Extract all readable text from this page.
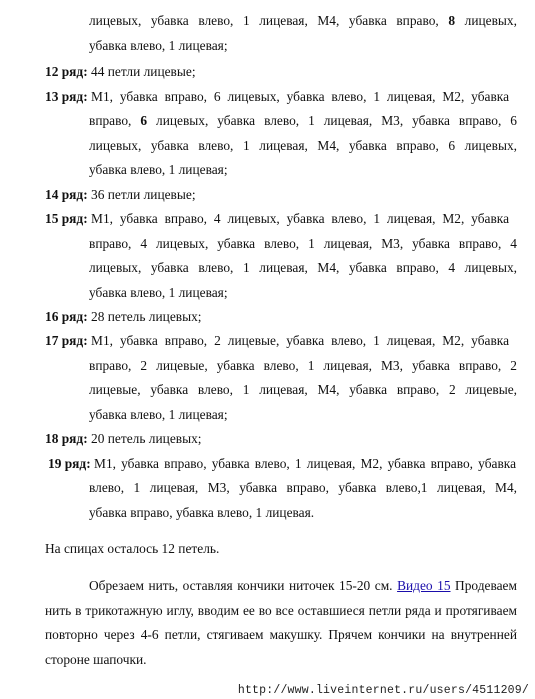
лицевых, убавка влево, 1 лицевая, М4, убавка вправо, 8 лицевых,
убавка влево, 1 лицевая;
12 ряд: 44 петли лицевые;
13 ряд: М1, убавка вправо, 6 лицевых, убавка влево, 1 лицевая, М2, убавка
вправо, 6 лицевых, убавка влево, 1 лицевая, М3, убавка вправо, 6
лицевых, убавка влево, 1 лицевая, М4, убавка вправо, 6 лицевых,
убавка влево, 1 лицевая;
14 ряд: 36 петли лицевые;
15 ряд: М1, убавка вправо, 4 лицевых, убавка влево, 1 лицевая, М2, убавка
вправо, 4 лицевых, убавка влево, 1 лицевая, М3, убавка вправо, 4
лицевых, убавка влево, 1 лицевая, М4, убавка вправо, 4 лицевых,
убавка влево, 1 лицевая;
16 ряд: 28 петель лицевых;
17 ряд: М1, убавка вправо, 2 лицевые, убавка влево, 1 лицевая, М2, убавка
вправо, 2 лицевые, убавка влево, 1 лицевая, М3, убавка вправо, 2
лицевые, убавка влево, 1 лицевая, М4, убавка вправо, 2 лицевые,
убавка влево, 1 лицевая;
18 ряд: 20 петель лицевых;
19 ряд: М1, убавка вправо, убавка влево, 1 лицевая, М2, убавка вправо, убавка
влево, 1 лицевая, М3, убавка вправо, убавка влево,1 лицевая, М4,
убавка вправо, убавка влево, 1 лицевая.
На спицах осталось 12 петель.
Обрезаем нить, оставляя кончики ниточек 15-20 см. Видео 15 Продеваем
нить в трикотажную иглу, вводим ее во все оставшиеся петли ряда и протягиваем
повторно через 4-6 петли, стягиваем макушку. Прячем кончики на внутренней
стороне шапочки.
http://www.liveinternet.ru/users/4511209/
